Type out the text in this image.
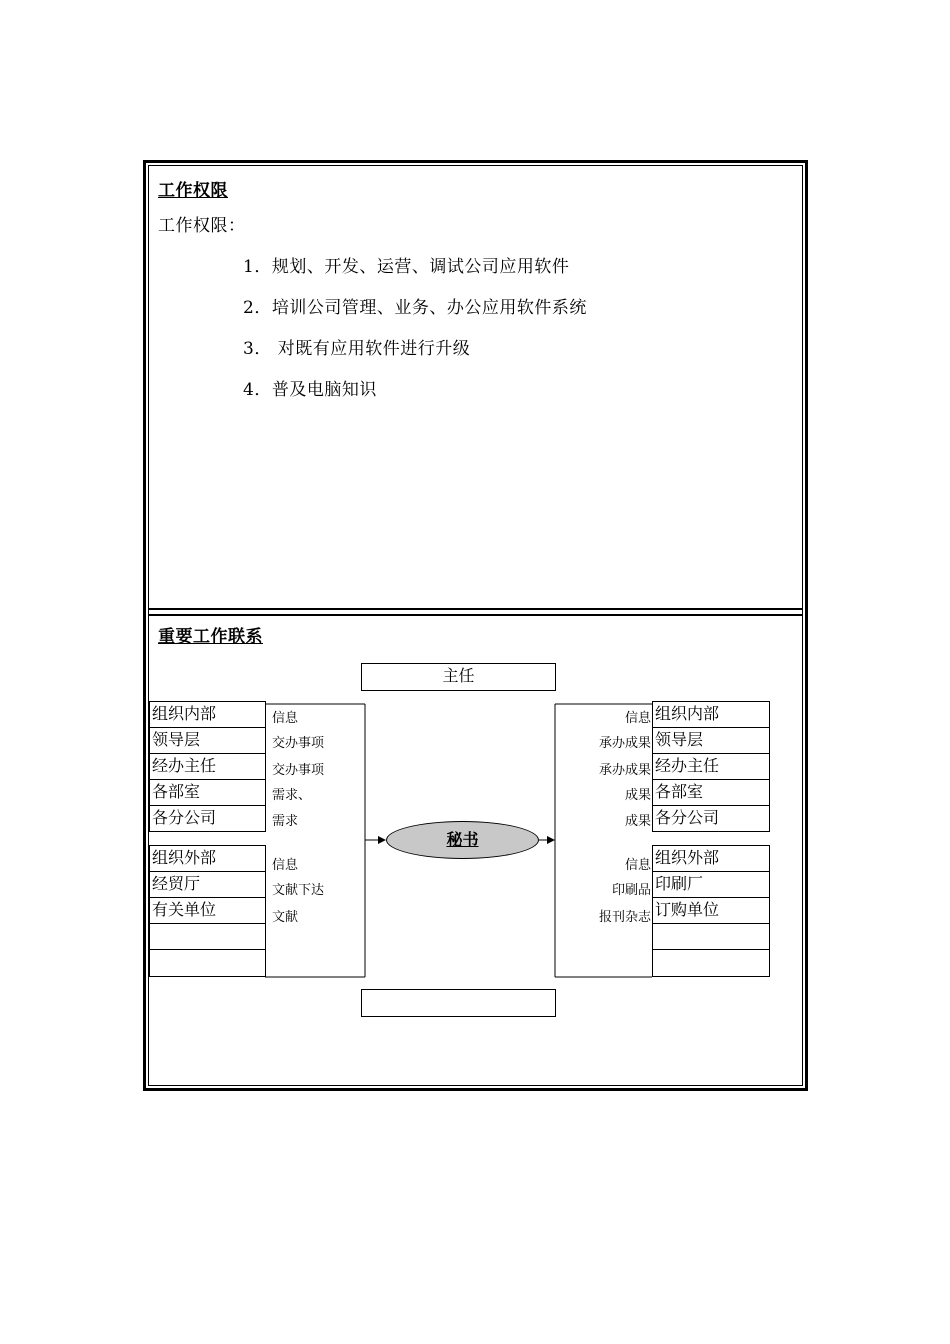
工作权限
工作权限：
1．规划、开发、运营、调试公司应用软件
2．培训公司管理、业务、办公应用软件系统
3． 对既有应用软件进行升级
4．普及电脑知识
重要工作联系
主任
秘书
组织内部
领导层
经办主任
各部室
各分公司
组织外部
经贸厅
有关单位
信息
交办事项
交办事项
需求、
需求
信息
文献下达
文献
组织内部
领导层
经办主任
各部室
各分公司
组织外部
印刷厂
订购单位
信息
承办成果
承办成果
成果
成果
信息
印刷品
报刊杂志
